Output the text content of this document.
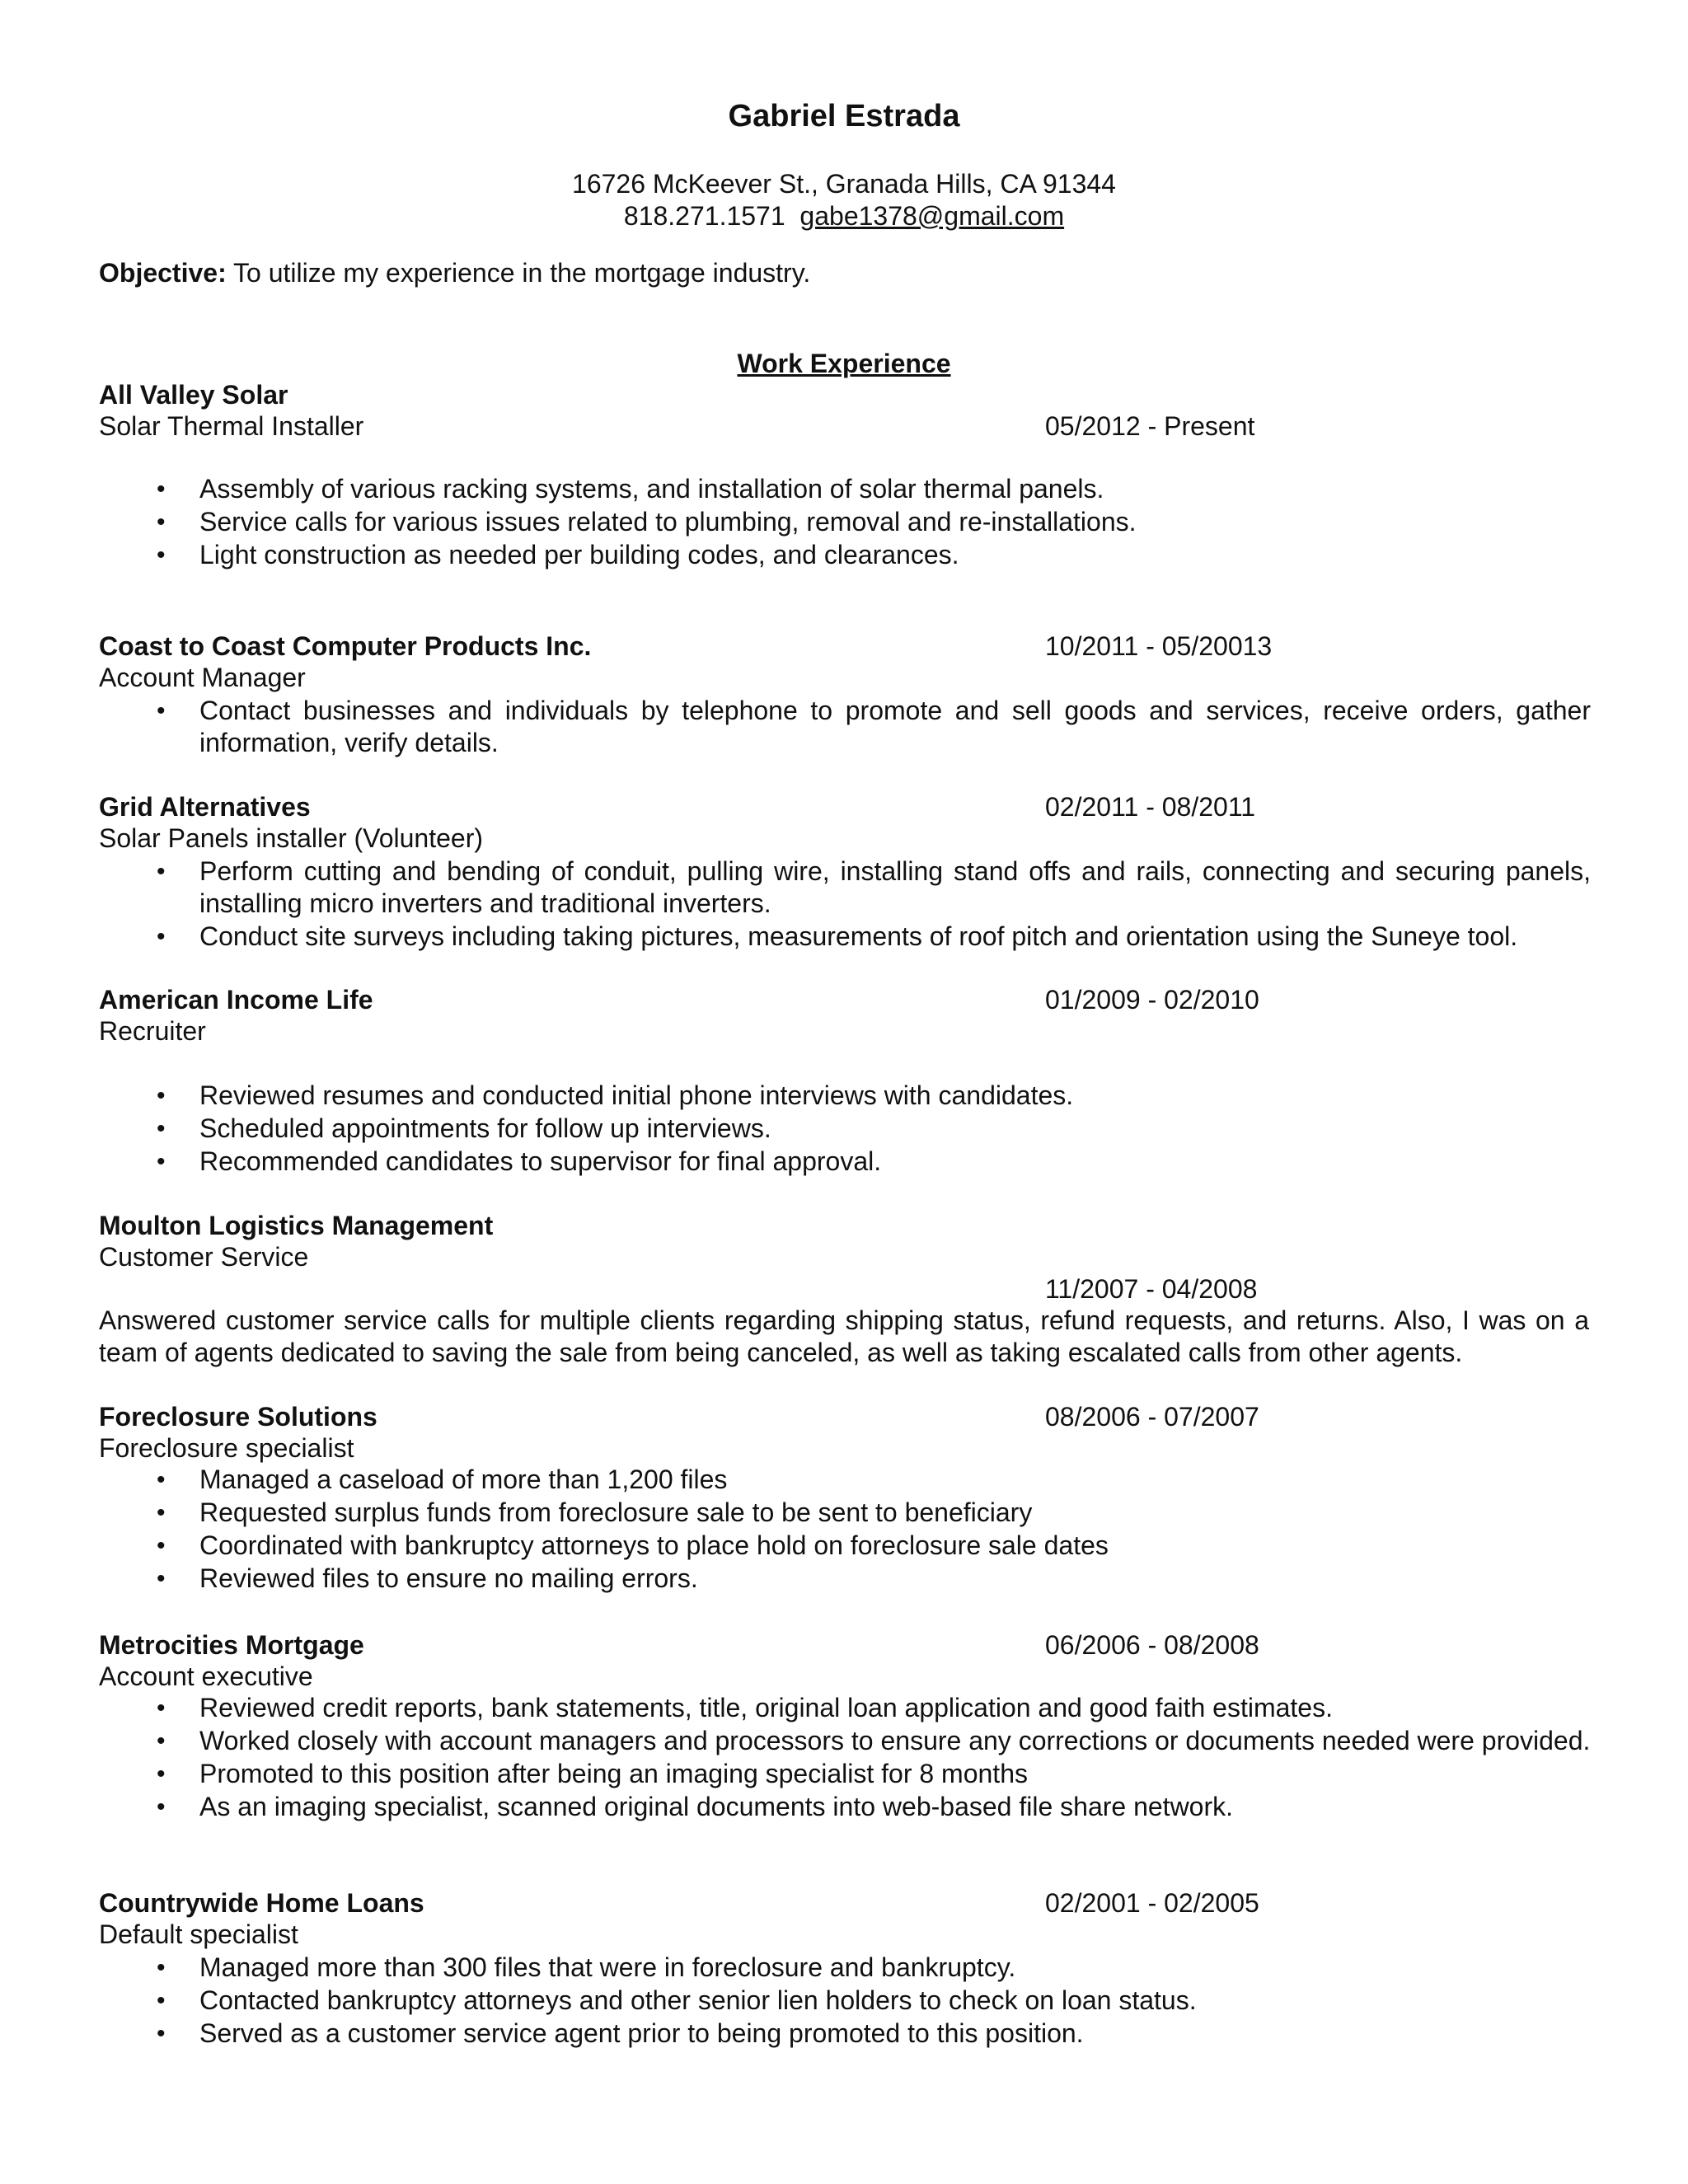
Gabriel Estrada
16726 McKeever St., Granada Hills, CA 91344
818.271.1571 gabe1378@gmail.com
Objective: To utilize my experience in the mortgage industry.
Work Experience
All Valley Solar
Solar Thermal Installer	05/2012 - Present
• Assembly of various racking systems, and installation of solar thermal panels.
• Service calls for various issues related to plumbing, removal and re-installations.
• Light construction as needed per building codes, and clearances.
Coast to Coast Computer Products Inc.	10/2011 - 05/20013
Account Manager
• Contact businesses and individuals by telephone to promote and sell goods and services, receive orders, gather information, verify details.
Grid Alternatives	02/2011 - 08/2011
Solar Panels installer (Volunteer)
• Perform cutting and bending of conduit, pulling wire, installing stand offs and rails, connecting and securing panels, installing micro inverters and traditional inverters.
• Conduct site surveys including taking pictures, measurements of roof pitch and orientation using the Suneye tool.
American Income Life	01/2009 - 02/2010
Recruiter
• Reviewed resumes and conducted initial phone interviews with candidates.
• Scheduled appointments for follow up interviews.
• Recommended candidates to supervisor for final approval.
Moulton Logistics Management
Customer Service
11/2007 - 04/2008
Answered customer service calls for multiple clients regarding shipping status, refund requests, and returns. Also, I was on a team of agents dedicated to saving the sale from being canceled, as well as taking escalated calls from other agents.
Foreclosure Solutions	08/2006 - 07/2007
Foreclosure specialist
• Managed a caseload of more than 1,200 files
• Requested surplus funds from foreclosure sale to be sent to beneficiary
• Coordinated with bankruptcy attorneys to place hold on foreclosure sale dates
• Reviewed files to ensure no mailing errors.
Metrocities Mortgage	06/2006 - 08/2008
Account executive
• Reviewed credit reports, bank statements, title, original loan application and good faith estimates.
• Worked closely with account managers and processors to ensure any corrections or documents needed were provided.
• Promoted to this position after being an imaging specialist for 8 months
• As an imaging specialist, scanned original documents into web-based file share network.
Countrywide Home Loans	02/2001 - 02/2005
Default specialist
• Managed more than 300 files that were in foreclosure and bankruptcy.
• Contacted bankruptcy attorneys and other senior lien holders to check on loan status.
• Served as a customer service agent prior to being promoted to this position.
